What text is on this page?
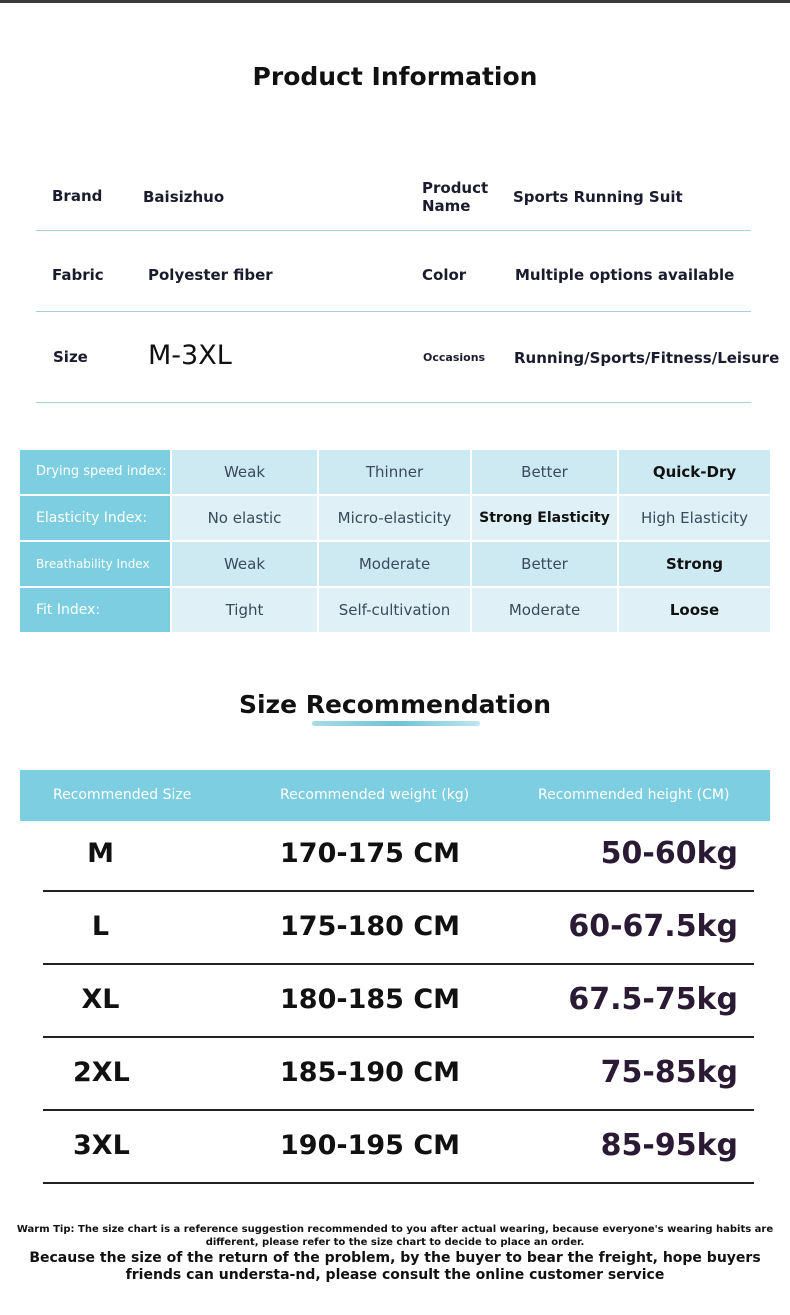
Product Information
Brand	Baisizhuo	Product Name	Sports Running Suit
Fabric	Polyester fiber	Color	Multiple options available
Size M-3XL	Occasions Running/Sports/Fitness/Leisure
Drying speed index:	Weak	Thinner	Better	Quick-Dry
Elasticity Index:	No elastic	Micro-elasticity	Strong Elasticity	High Elasticity
Breathability Index	Weak	Moderate	Better	Strong
Fit Index:	Tight	Self-cultivation	Moderate	Loose
Size Recommendation
Recommended Size	Recommended weight (kg)	Recommended height (CM)
M	170-175 CM	50-60kg
L	175-180 CM	60-67.5kg
XL	180-185 CM	67.5-75kg
2XL	185-190 CM	75-85kg
3XL	190-195 CM	85-95kg
Warm Tip: The size chart is a reference suggestion recommended to you after actual wearing, because everyone's wearing habits are different, please refer to the size chart to decide to place an order.
Because the size of the return of the problem, by the buyer to bear the freight, hope buyers friends can understa-nd, please consult the online customer service
